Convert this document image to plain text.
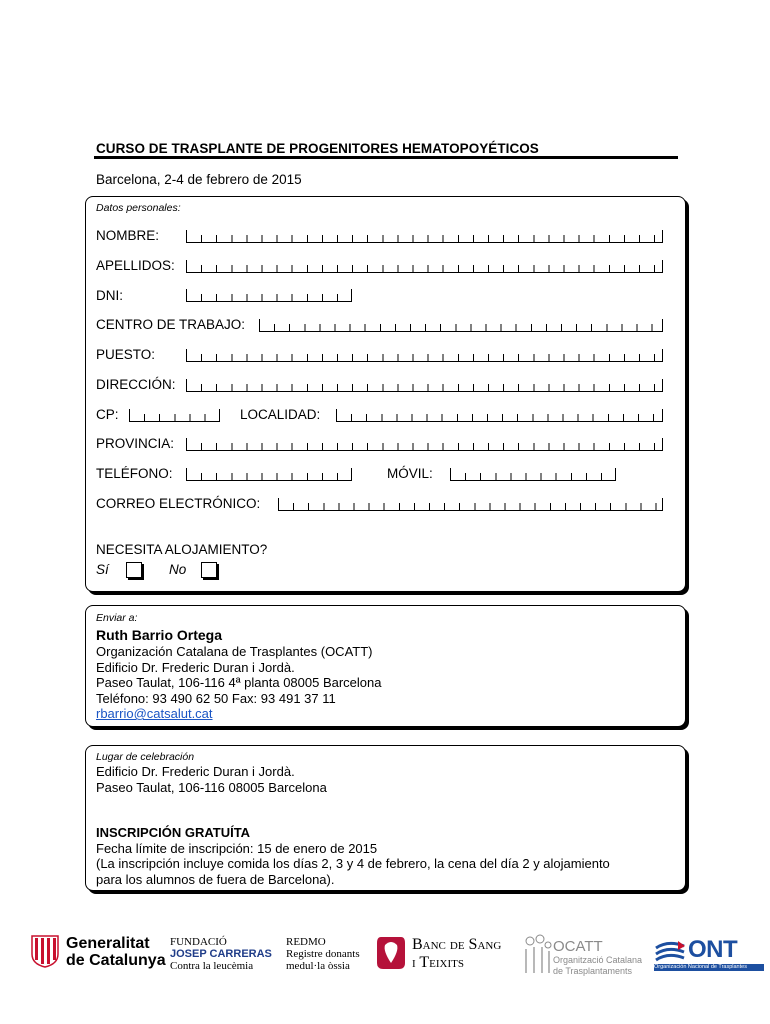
CURSO DE TRASPLANTE DE PROGENITORES HEMATOPOYÉTICOS
Barcelona, 2-4 de febrero de 2015
Datos personales:
NOMBRE:
APELLIDOS:
DNI:
CENTRO DE TRABAJO:
PUESTO:
DIRECCIÓN:
CP:	LOCALIDAD:
PROVINCIA:
TELÉFONO:	MÓVIL:
CORREO ELECTRÓNICO:
NECESITA ALOJAMIENTO?
Sí	No
Enviar a:
Ruth Barrio Ortega
Organización Catalana de Trasplantes (OCATT)
Edificio Dr. Frederic Duran i Jordà.
Paseo Taulat, 106-116 4ª planta 08005 Barcelona
Teléfono: 93 490 62 50 Fax: 93 491 37 11
rbarrio@catsalut.cat
Lugar de celebración
Edificio Dr. Frederic Duran i Jordà.
Paseo Taulat, 106-116 08005 Barcelona
INSCRIPCIÓN GRATUÍTA
Fecha límite de inscripción: 15 de enero de 2015
(La inscripción incluye comida los días 2, 3 y 4 de febrero, la cena del día 2 y alojamiento
para los alumnos de fuera de Barcelona).
Generalitat
de Catalunya
FUNDACIÓ
JOSEP CARRERAS
Contra la leucèmia
REDMO
Registre donants
medul·la òssia
Banc de Sang
i Teixits
OCATT
Organització Catalana
de Trasplantaments
ONT
Organización Nacional de Trasplantes
